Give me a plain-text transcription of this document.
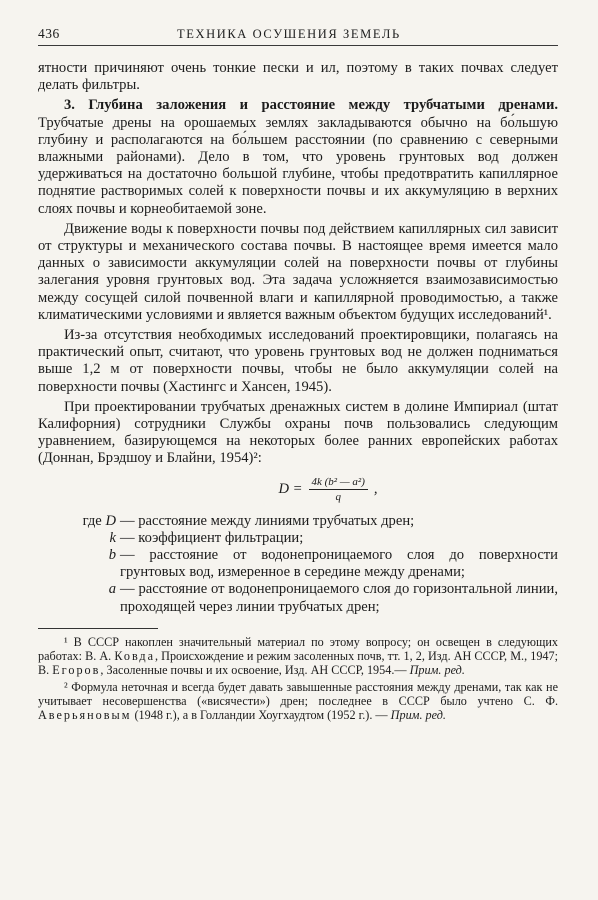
436	ТЕХНИКА ОСУШЕНИЯ ЗЕМЕЛЬ

ятности причиняют очень тонкие пески и ил, поэтому в таких почвах следует делать фильтры.

3. Глубина заложения и расстояние между трубчатыми дренами. Трубчатые дрены на орошаемых землях закладываются обычно на бо́льшую глубину и располагаются на бо́льшем расстоянии (по сравнению с северными влажными районами). Дело в том, что уровень грунтовых вод должен удерживаться на достаточно большой глубине, чтобы предотвратить капиллярное поднятие растворимых солей к поверхности почвы и их аккумуляцию в верхних слоях почвы и корнеобитаемой зоне.

Движение воды к поверхности почвы под действием капиллярных сил зависит от структуры и механического состава почвы. В настоящее время имеется мало данных о зависимости аккумуляции солей на поверхности почвы от глубины залегания уровня грунтовых вод. Эта задача усложняется взаимозависимостью между сосущей силой почвенной влаги и капиллярной проводимостью, а также климатическими условиями и является важным объектом будущих исследований¹.

Из-за отсутствия необходимых исследований проектировщики, полагаясь на практический опыт, считают, что уровень грунтовых вод не должен подниматься выше 1,2 м от поверхности почвы, чтобы не было аккумуляции солей на поверхности почвы (Хастингс и Хансен, 1945).

При проектировании трубчатых дренажных систем в долине Импириал (штат Калифорния) сотрудники Службы охраны почв пользовались следующим уравнением, базирующемся на некоторых более ранних европейских работах (Доннан, Брэдшоу и Блайни, 1954)²:

$D = \frac{\text{4k (b² — a²)}}{q}$ ,
где D — расстояние между линиями трубчатых дрен;
k — коэффициент фильтрации;
b — расстояние от водонепроницаемого слоя до поверхности грунтовых вод, измеренное в середине между дренами;
a — расстояние от водонепроницаемого слоя до горизонтальной линии, проходящей через линии трубчатых дрен;

¹ В СССР накоплен значительный материал по этому вопросу; он освещен в следующих работах: В. А. Ковда, Происхождение и режим засоленных почв, тт. 1, 2, Изд. АН СССР, М., 1947; В. Егоров, Засоленные почвы и их освоение, Изд. АН СССР, 1954.— Прим. ред.

² Формула неточная и всегда будет давать завышенные расстояния между дренами, так как не учитывает несовершенства («висячести») дрен; последнее в СССР было учтено С. Ф. Аверьяновым (1948 г.), а в Голландии Хоугхаудтом (1952 г.). — Прим. ред.
